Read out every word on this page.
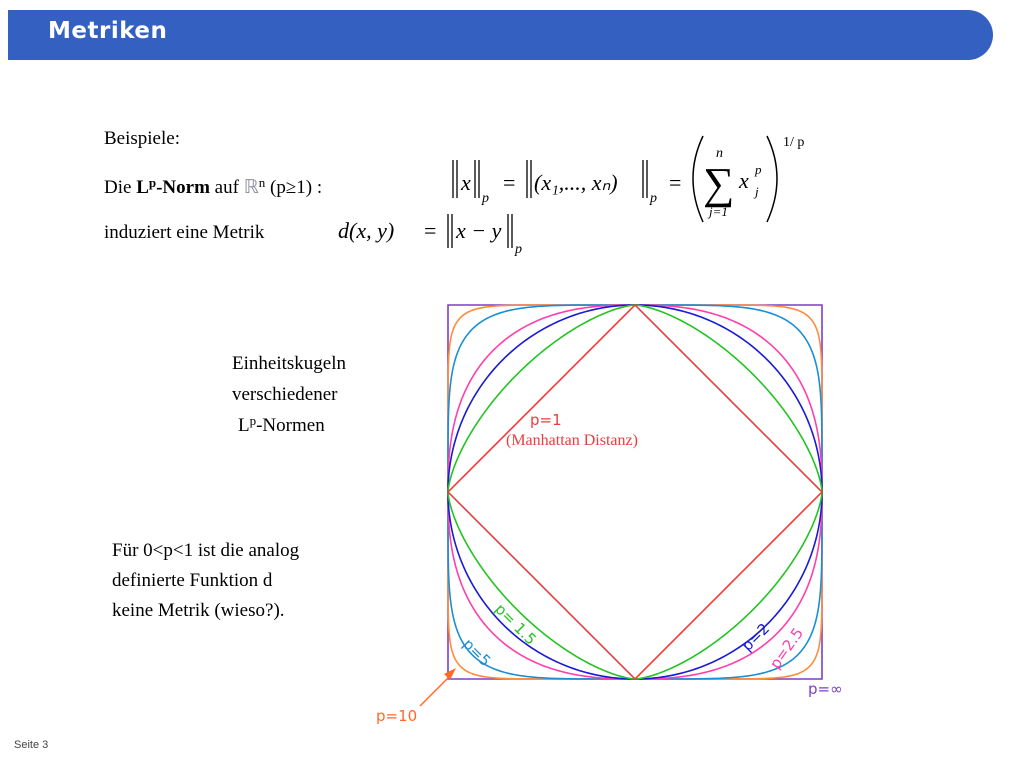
Metriken
Beispiele:
Die $L^p$-Norm auf ℝ$^n$ (p≥1) :
induziert eine Metrik
x
p
= (x₁,..., xₙ)
p
=
n
∑
j=1
x p
j
1/ p
d(x, y) = x − y
p
Einheitskugeln
verschiedener
$L^p$-Normen
Für 0<p<1 ist die analog
definierte Funktion d
keine Metrik (wieso?).
p=1
(Manhattan Distanz)
p= 1.5	p=2
p=2.5
p=5
p=10
p=∞
Seite 3
